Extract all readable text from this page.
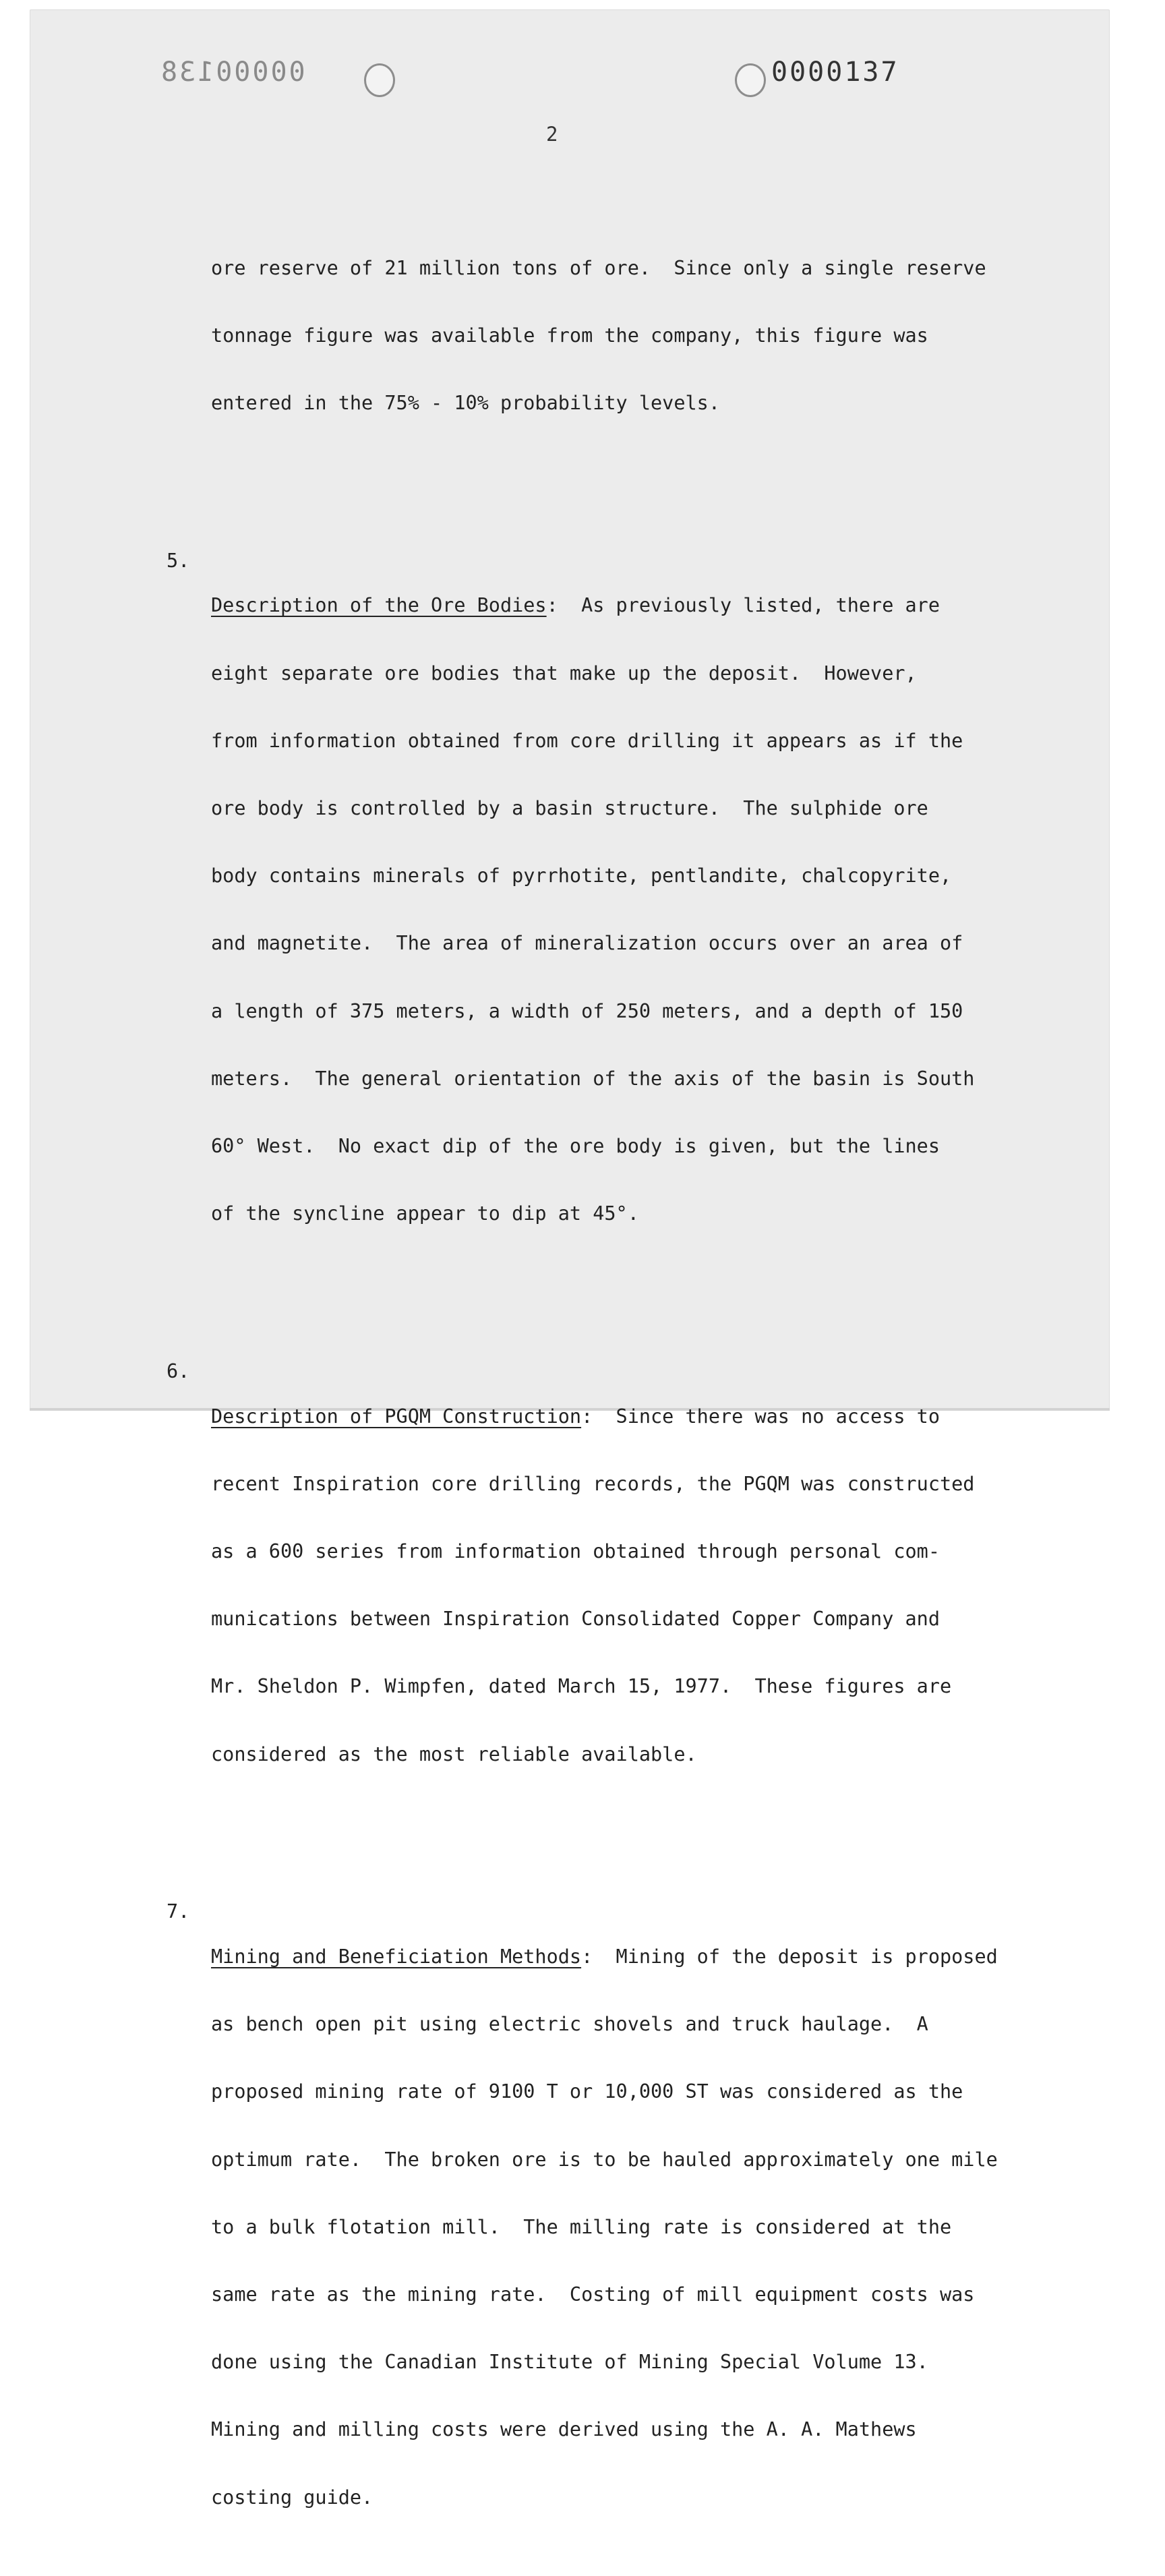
00000138	0000137
2

ore reserve of 21 million tons of ore.  Since only a single reserve

tonnage figure was available from the company, this figure was

entered in the 75% - 10% probability levels.

5.

Description of the Ore Bodies:  As previously listed, there are

eight separate ore bodies that make up the deposit.  However,

from information obtained from core drilling it appears as if the

ore body is controlled by a basin structure.  The sulphide ore

body contains minerals of pyrrhotite, pentlandite, chalcopyrite,

and magnetite.  The area of mineralization occurs over an area of

a length of 375 meters, a width of 250 meters, and a depth of 150

meters.  The general orientation of the axis of the basin is South

60° West.  No exact dip of the ore body is given, but the lines

of the syncline appear to dip at 45°.

6.

Description of PGQM Construction:  Since there was no access to

recent Inspiration core drilling records, the PGQM was constructed

as a 600 series from information obtained through personal com-

munications between Inspiration Consolidated Copper Company and

Mr. Sheldon P. Wimpfen, dated March 15, 1977.  These figures are

considered as the most reliable available.

7.

Mining and Beneficiation Methods:  Mining of the deposit is proposed

as bench open pit using electric shovels and truck haulage.  A

proposed mining rate of 9100 T or 10,000 ST was considered as the

optimum rate.  The broken ore is to be hauled approximately one mile

to a bulk flotation mill.  The milling rate is considered at the

same rate as the mining rate.  Costing of mill equipment costs was

done using the Canadian Institute of Mining Special Volume 13.

Mining and milling costs were derived using the A. A. Mathews

costing guide.
